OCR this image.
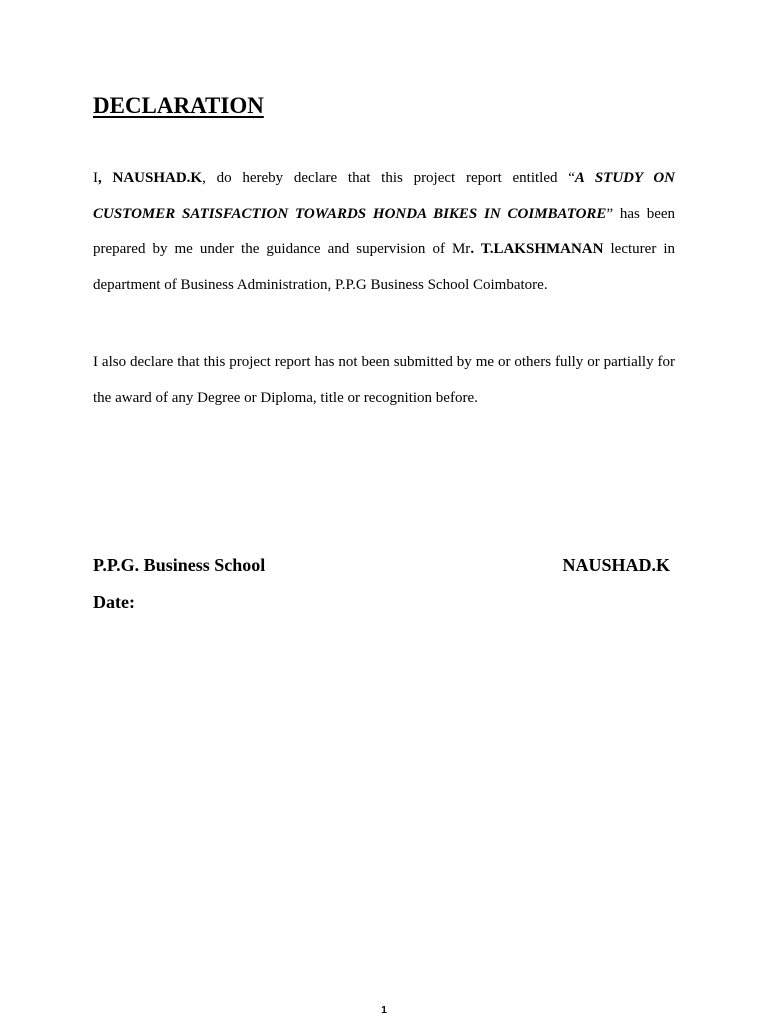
DECLARATION

I, NAUSHAD.K, do hereby declare that this project report entitled “A STUDY ON CUSTOMER SATISFACTION TOWARDS HONDA BIKES IN COIMBATORE” has been prepared by me under the guidance and supervision of Mr. T.LAKSHMANAN lecturer in department of Business Administration, P.P.G Business School Coimbatore.

I also declare that this project report has not been submitted by me or others fully or partially for the award of any Degree or Diploma, title or recognition before.

P.P.G. Business School	NAUSHAD.K
Date:
1
